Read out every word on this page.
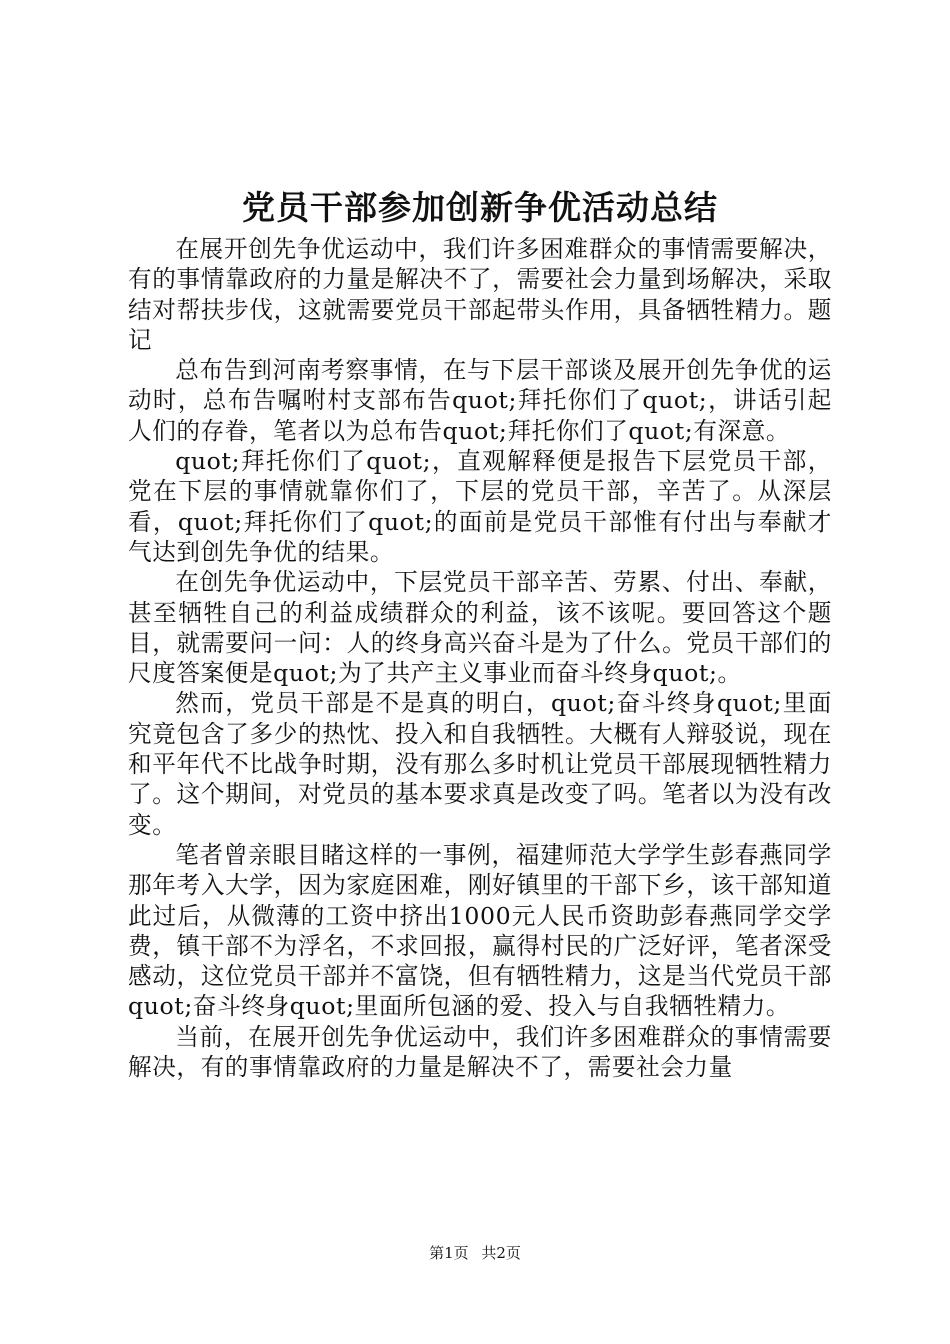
党员干部参加创新争优活动总结

在展开创先争优运动中，我们许多困难群众的事情需要解决，有的事情靠政府的力量是解决不了，需要社会力量到场解决，采取结对帮扶步伐，这就需要党员干部起带头作用，具备牺牲精力。题记

总布告到河南考察事情，在与下层干部谈及展开创先争优的运动时，总布告嘱咐村支部布告quot;拜托你们了quot;，讲话引起人们的存眷，笔者以为总布告quot;拜托你们了quot;有深意。

quot;拜托你们了quot;，直观解释便是报告下层党员干部，党在下层的事情就靠你们了，下层的党员干部，辛苦了。从深层看，quot;拜托你们了quot;的面前是党员干部惟有付出与奉献才气达到创先争优的结果。

在创先争优运动中，下层党员干部辛苦、劳累、付出、奉献，甚至牺牲自己的利益成绩群众的利益，该不该呢。要回答这个题目，就需要问一问：人的终身高兴奋斗是为了什么。党员干部们的尺度答案便是quot;为了共产主义事业而奋斗终身quot;。

然而，党员干部是不是真的明白，quot;奋斗终身quot;里面究竟包含了多少的热忱、投入和自我牺牲。大概有人辩驳说，现在和平年代不比战争时期，没有那么多时机让党员干部展现牺牲精力了。这个期间，对党员的基本要求真是改变了吗。笔者以为没有改变。

笔者曾亲眼目睹这样的一事例，福建师范大学学生彭春燕同学那年考入大学，因为家庭困难，刚好镇里的干部下乡，该干部知道此过后，从微薄的工资中挤出1000元人民币资助彭春燕同学交学费，镇干部不为浮名，不求回报，赢得村民的广泛好评，笔者深受感动，这位党员干部并不富饶，但有牺牲精力，这是当代党员干部quot;奋斗终身quot;里面所包涵的爱、投入与自我牺牲精力。

当前，在展开创先争优运动中，我们许多困难群众的事情需要解决，有的事情靠政府的力量是解决不了，需要社会力量

第1页 共2页
